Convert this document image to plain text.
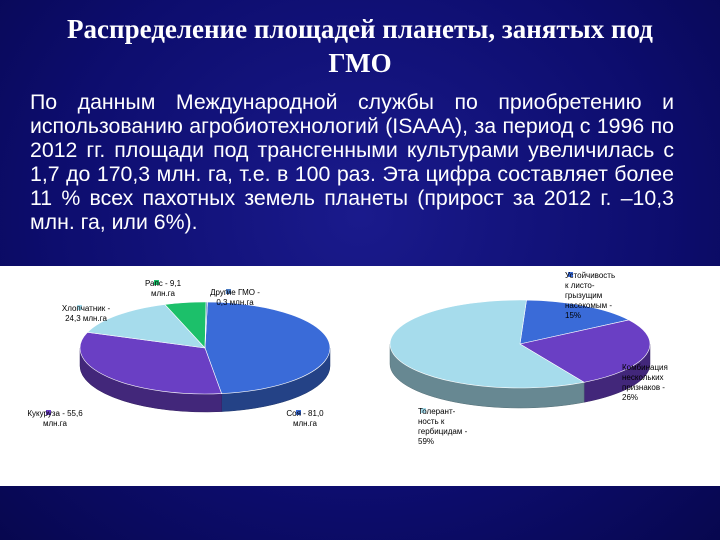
Распределение площадей планеты, занятых под ГМО

По данным Международной службы по приобретению и использованию агробиотехнологий (ISAAA), за период с 1996 по 2012 гг. площади под трансгенными культурами увеличилась с 1,7 до 170,3 млн. га, т.е. в 100 раз. Эта цифра составляет более 11 % всех пахотных земель планеты (прирост за 2012 г. –10,3 млн. га, или 6%).

Рапс - 9,1
млн.га	Другие ГМО -
0,3 млн.га
Хлопчатник -
24,3 млн.га
Кукуруза - 55,6
млн.га
Соя - 81,0
млн.га
Устойчивость
к листо-
грызущим
насекомым -
15%
Комбинация
нескольких
признаков -
26%
Толерант-
ность к
гербицидам -
59%
